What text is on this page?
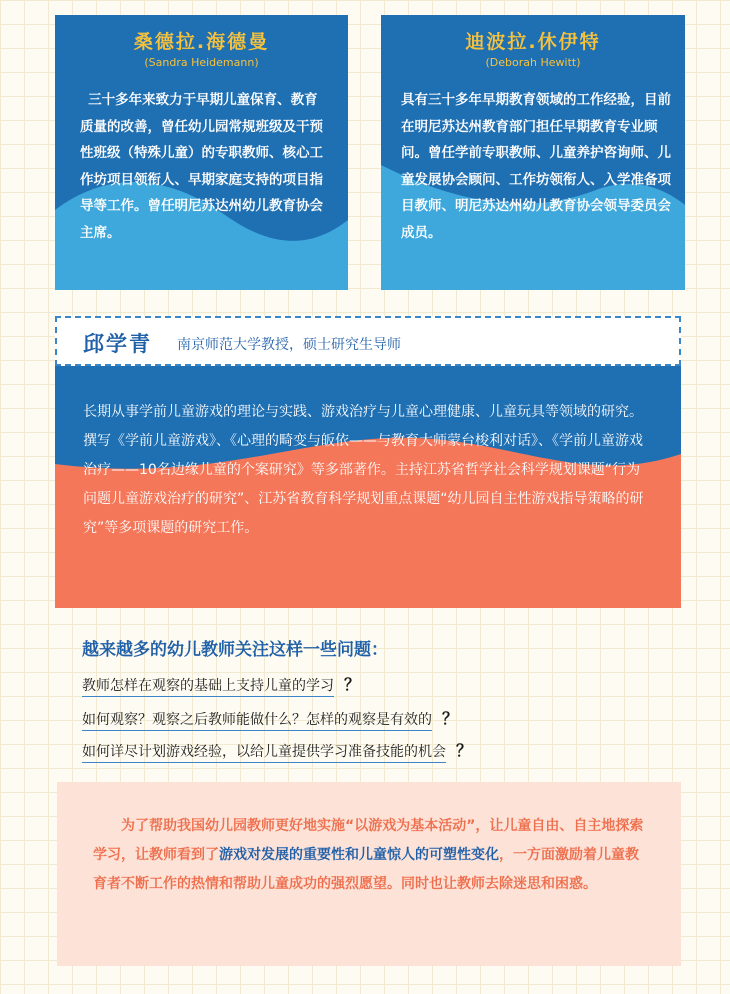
桑德拉.海德曼
(Sandra Heidemann)
三十多年来致力于早期儿童保育、教育质量的改善，曾任幼儿园常规班级及干预性班级（特殊儿童）的专职教师、核心工作坊项目领衔人、早期家庭支持的项目指导等工作。曾任明尼苏达州幼儿教育协会主席。
迪波拉.休伊特
(Deborah Hewitt)
具有三十多年早期教育领域的工作经验，目前在明尼苏达州教育部门担任早期教育专业顾问。曾任学前专职教师、儿童养护咨询师、儿童发展协会顾问、工作坊领衔人、入学准备项目教师、明尼苏达州幼儿教育协会领导委员会成员。
邱学青 南京师范大学教授，硕士研究生导师
长期从事学前儿童游戏的理论与实践、游戏治疗与儿童心理健康、儿童玩具等领域的研究。撰写《学前儿童游戏》、《心理的畸变与皈依——与教育大师蒙台梭利对话》、《学前儿童游戏治疗——10名边缘儿童的个案研究》等多部著作。主持江苏省哲学社会科学规划课题“行为问题儿童游戏治疗的研究”、江苏省教育科学规划重点课题“幼儿园自主性游戏指导策略的研究”等多项课题的研究工作。
越来越多的幼儿教师关注这样一些问题：
教师怎样在观察的基础上支持儿童的学习 ？
如何观察？观察之后教师能做什么？怎样的观察是有效的 ？
如何详尽计划游戏经验，以给儿童提供学习准备技能的机会 ？
为了帮助我国幼儿园教师更好地实施“以游戏为基本活动”，让儿童自由、自主地探索学习，让教师看到了游戏对发展的重要性和儿童惊人的可塑性变化，一方面激励着儿童教育者不断工作的热情和帮助儿童成功的强烈愿望。同时也让教师去除迷思和困惑。
